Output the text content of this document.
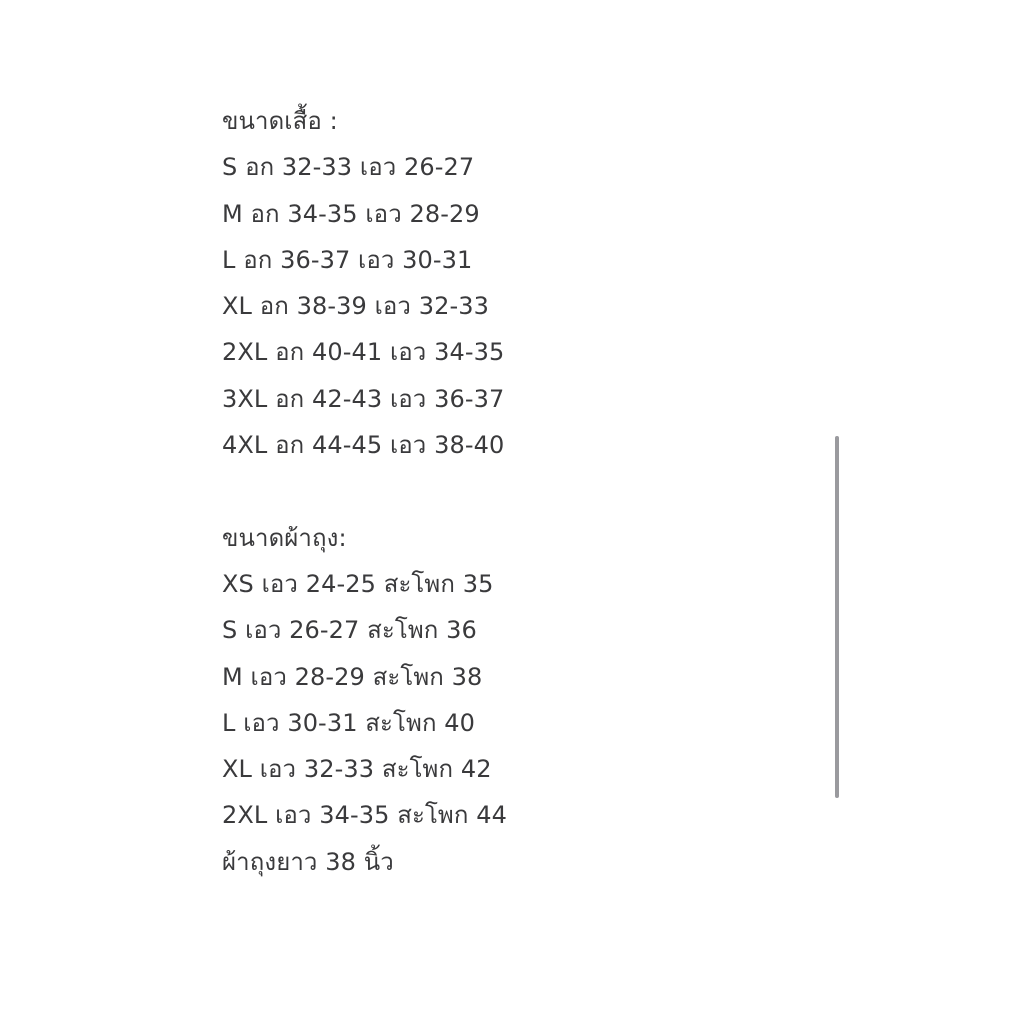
ขนาดเสื้อ :
S อก 32-33 เอว 26-27
M อก 34-35 เอว 28-29
L อก 36-37 เอว 30-31
XL อก 38-39 เอว 32-33
2XL อก 40-41 เอว 34-35
3XL อก 42-43 เอว 36-37
4XL อก 44-45 เอว 38-40
ขนาดผ้าถุง:
XS เอว 24-25 สะโพก 35
S เอว 26-27 สะโพก 36
M เอว 28-29 สะโพก 38
L เอว 30-31 สะโพก 40
XL เอว 32-33 สะโพก 42
2XL เอว 34-35 สะโพก 44
ผ้าถุงยาว 38 นิ้ว
